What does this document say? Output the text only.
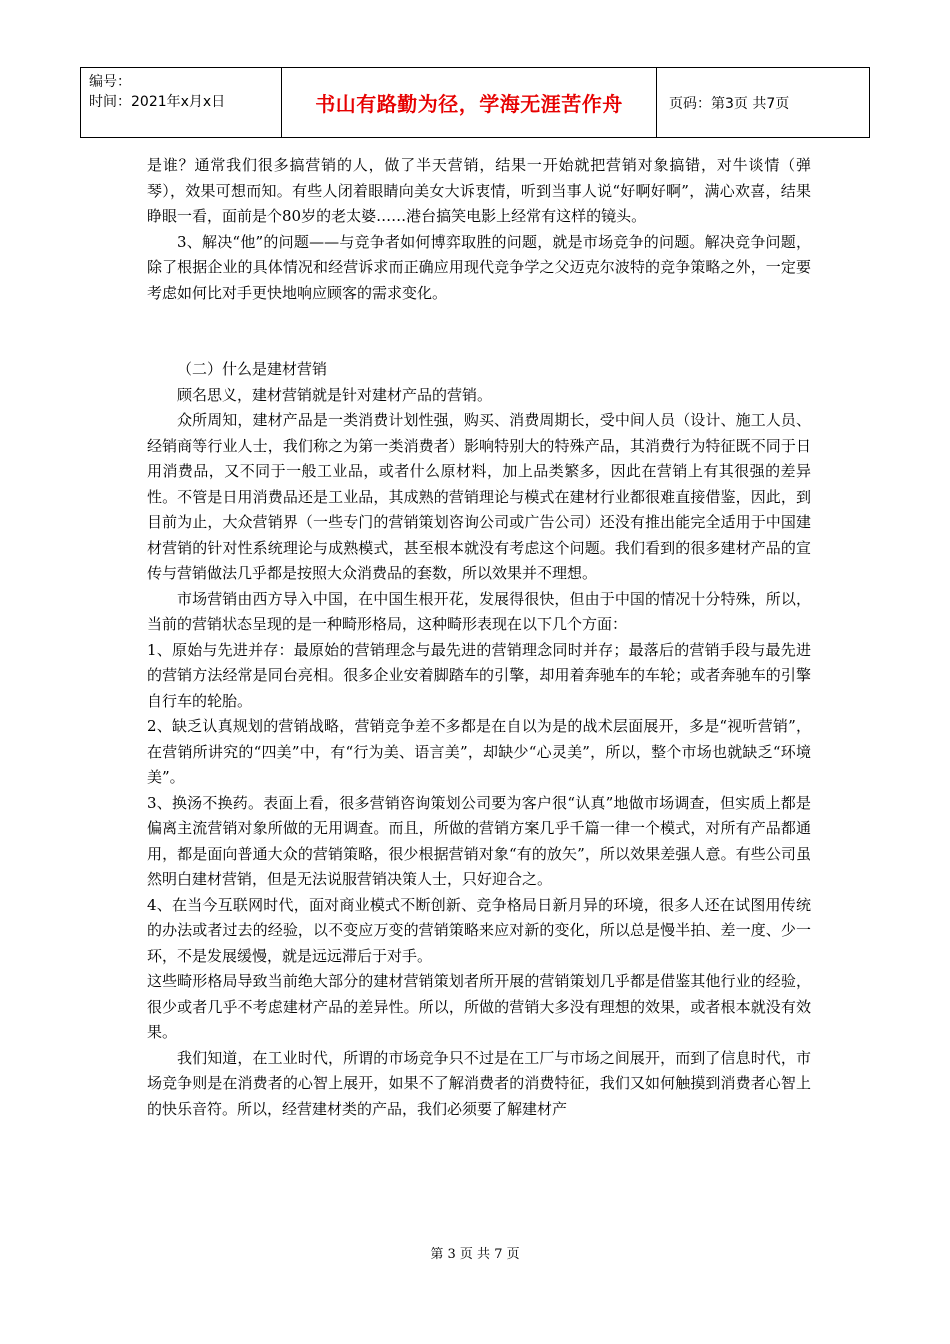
编号：
时间：2021年x月x日	书山有路勤为径，学海无涯苦作舟	页码：第3页 共7页

是谁？通常我们很多搞营销的人，做了半天营销，结果一开始就把营销对象搞错，对牛谈情（弹琴），效果可想而知。有些人闭着眼睛向美女大诉衷情，听到当事人说“好啊好啊”，满心欢喜，结果睁眼一看，面前是个80岁的老太婆……港台搞笑电影上经常有这样的镜头。

3、解决“他”的问题——与竞争者如何博弈取胜的问题，就是市场竞争的问题。解决竞争问题，除了根据企业的具体情况和经营诉求而正确应用现代竞争学之父迈克尔波特的竞争策略之外，一定要考虑如何比对手更快地响应顾客的需求变化。

（二）什么是建材营销

顾名思义，建材营销就是针对建材产品的营销。

众所周知，建材产品是一类消费计划性强，购买、消费周期长，受中间人员（设计、施工人员、经销商等行业人士，我们称之为第一类消费者）影响特别大的特殊产品，其消费行为特征既不同于日用消费品，又不同于一般工业品，或者什么原材料，加上品类繁多，因此在营销上有其很强的差异性。不管是日用消费品还是工业品，其成熟的营销理论与模式在建材行业都很难直接借鉴，因此，到目前为止，大众营销界（一些专门的营销策划咨询公司或广告公司）还没有推出能完全适用于中国建材营销的针对性系统理论与成熟模式，甚至根本就没有考虑这个问题。我们看到的很多建材产品的宣传与营销做法几乎都是按照大众消费品的套数，所以效果并不理想。

市场营销由西方导入中国，在中国生根开花，发展得很快，但由于中国的情况十分特殊，所以，当前的营销状态呈现的是一种畸形格局，这种畸形表现在以下几个方面：

1、原始与先进并存：最原始的营销理念与最先进的营销理念同时并存；最落后的营销手段与最先进的营销方法经常是同台亮相。很多企业安着脚踏车的引擎，却用着奔驰车的车轮；或者奔驰车的引擎自行车的轮胎。

2、缺乏认真规划的营销战略，营销竞争差不多都是在自以为是的战术层面展开，多是“视听营销”，在营销所讲究的“四美”中，有“行为美、语言美”，却缺少“心灵美”，所以，整个市场也就缺乏“环境美”。

3、换汤不换药。表面上看，很多营销咨询策划公司要为客户很“认真”地做市场调查，但实质上都是偏离主流营销对象所做的无用调查。而且，所做的营销方案几乎千篇一律一个模式，对所有产品都通用，都是面向普通大众的营销策略，很少根据营销对象“有的放矢”，所以效果差强人意。有些公司虽然明白建材营销，但是无法说服营销决策人士，只好迎合之。

4、在当今互联网时代，面对商业模式不断创新、竞争格局日新月异的环境，很多人还在试图用传统的办法或者过去的经验，以不变应万变的营销策略来应对新的变化，所以总是慢半拍、差一度、少一环，不是发展缓慢，就是远远滞后于对手。

这些畸形格局导致当前绝大部分的建材营销策划者所开展的营销策划几乎都是借鉴其他行业的经验，很少或者几乎不考虑建材产品的差异性。所以，所做的营销大多没有理想的效果，或者根本就没有效果。

我们知道，在工业时代，所谓的市场竞争只不过是在工厂与市场之间展开，而到了信息时代，市场竞争则是在消费者的心智上展开，如果不了解消费者的消费特征，我们又如何触摸到消费者心智上的快乐音符。所以，经营建材类的产品，我们必须要了解建材产

第 3 页 共 7 页
